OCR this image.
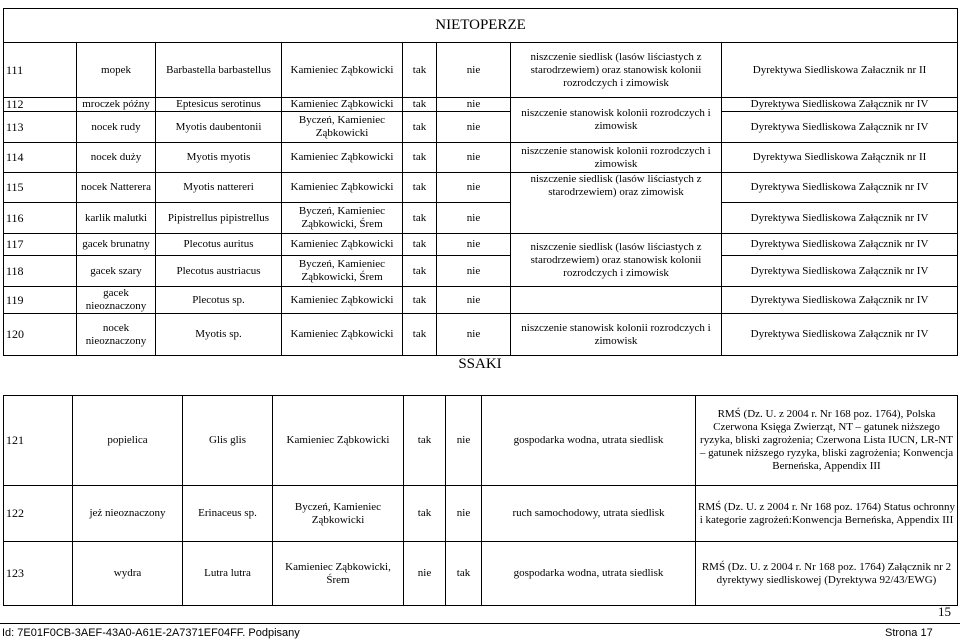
NIETOPERZE							
111	mopek	Barbastella barbastellus	Kamieniec Ząbkowicki	tak	nie	niszczenie siedlisk (lasów liściastych z starodrzewiem) oraz stanowisk kolonii rozrodczych i zimowisk	Dyrektywa Siedliskowa Załacznik nr II
112	mroczek późny	Eptesicus serotinus	Kamieniec Ząbkowicki	tak	nie	niszczenie stanowisk kolonii rozrodczych i zimowisk	Dyrektywa Siedliskowa Załącznik nr IV
113	nocek rudy	Myotis daubentonii	Byczeń, Kamieniec Ząbkowicki	tak	nie		Dyrektywa Siedliskowa Załącznik nr IV
114	nocek duży	Myotis myotis	Kamieniec Ząbkowicki	tak	nie	niszczenie stanowisk kolonii rozrodczych i zimowisk	Dyrektywa Siedliskowa Załącznik nr II
115	nocek Natterera	Myotis nattereri	Kamieniec Ząbkowicki	tak	nie	niszczenie siedlisk (lasów liściastych z starodrzewiem) oraz zimowisk	Dyrektywa Siedliskowa Załącznik nr IV
116	karlik malutki	Pipistrellus pipistrellus	Byczeń, Kamieniec Ząbkowicki, Śrem	tak	nie		Dyrektywa Siedliskowa Załącznik nr IV
117	gacek brunatny	Plecotus auritus	Kamieniec Ząbkowicki	tak	nie	niszczenie siedlisk (lasów liściastych z starodrzewiem) oraz stanowisk kolonii rozrodczych i zimowisk	Dyrektywa Siedliskowa Załącznik nr IV
118	gacek szary	Plecotus austriacus	Byczeń, Kamieniec Ząbkowicki, Śrem	tak	nie		Dyrektywa Siedliskowa Załącznik nr IV
119	gacek nieoznaczony	Plecotus sp.	Kamieniec Ząbkowicki	tak	nie		Dyrektywa Siedliskowa Załącznik nr IV
120	nocek nieoznaczony	Myotis sp.	Kamieniec Ząbkowicki	tak	nie	niszczenie stanowisk kolonii rozrodczych i zimowisk	Dyrektywa Siedliskowa Załącznik nr IV
SSAKI
121	popielica	Glis glis	Kamieniec Ząbkowicki	tak	nie	gospodarka wodna, utrata siedlisk	RMŚ (Dz. U. z 2004 r. Nr 168 poz. 1764), Polska Czerwona Księga Zwierząt, NT – gatunek niższego ryzyka, bliski zagrożenia; Czerwona Lista IUCN, LR-NT – gatunek niższego ryzyka, bliski zagrożenia; Konwencja Berneńska, Appendix III
122	jeż nieoznaczony	Erinaceus sp.	Byczeń, Kamieniec Ząbkowicki	tak	nie	ruch samochodowy, utrata siedlisk	RMŚ (Dz. U. z 2004 r. Nr 168 poz. 1764) Status ochronny i kategorie zagrożeń:Konwencja Berneńska, Appendix III
123	wydra	Lutra lutra	Kamieniec Ząbkowicki, Śrem	nie	tak	gospodarka wodna, utrata siedlisk	RMŚ (Dz. U. z 2004 r. Nr 168 poz. 1764) Załącznik nr 2 dyrektywy siedliskowej (Dyrektywa 92/43/EWG)
15
Id: 7E01F0CB-3AEF-43A0-A61E-2A7371EF04FF. Podpisany	Strona 17
